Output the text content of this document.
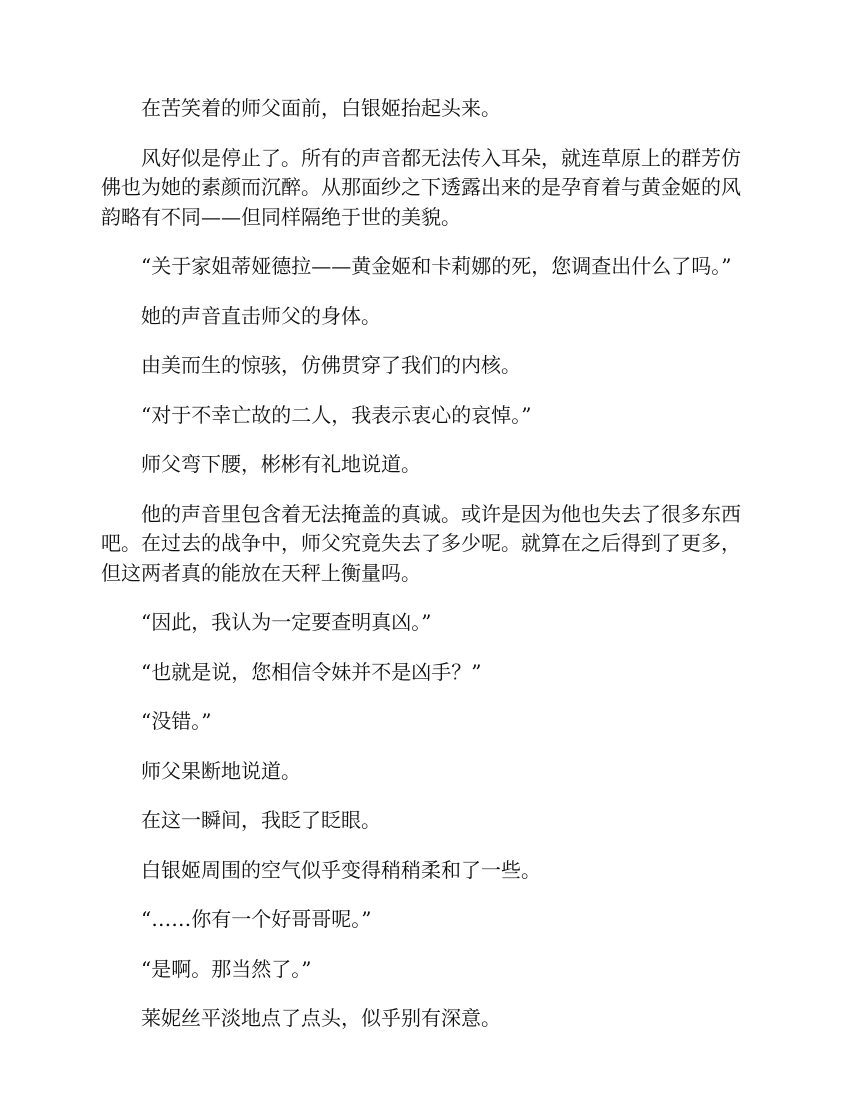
在苦笑着的师父面前，白银姬抬起头来。

风好似是停止了。所有的声音都无法传入耳朵，就连草原上的群芳仿佛也为她的素颜而沉醉。从那面纱之下透露出来的是孕育着与黄金姬的风韵略有不同——但同样隔绝于世的美貌。

“关于家姐蒂娅德拉——黄金姬和卡莉娜的死，您调查出什么了吗。”

她的声音直击师父的身体。

由美而生的惊骇，仿佛贯穿了我们的内核。

“对于不幸亡故的二人，我表示衷心的哀悼。”

师父弯下腰，彬彬有礼地说道。

他的声音里包含着无法掩盖的真诚。或许是因为他也失去了很多东西吧。在过去的战争中，师父究竟失去了多少呢。就算在之后得到了更多，但这两者真的能放在天秤上衡量吗。

“因此，我认为一定要查明真凶。”

“也就是说，您相信令妹并不是凶手？”

“没错。”

师父果断地说道。

在这一瞬间，我眨了眨眼。

白银姬周围的空气似乎变得稍稍柔和了一些。

“……你有一个好哥哥呢。”

“是啊。那当然了。”

莱妮丝平淡地点了点头，似乎别有深意。
